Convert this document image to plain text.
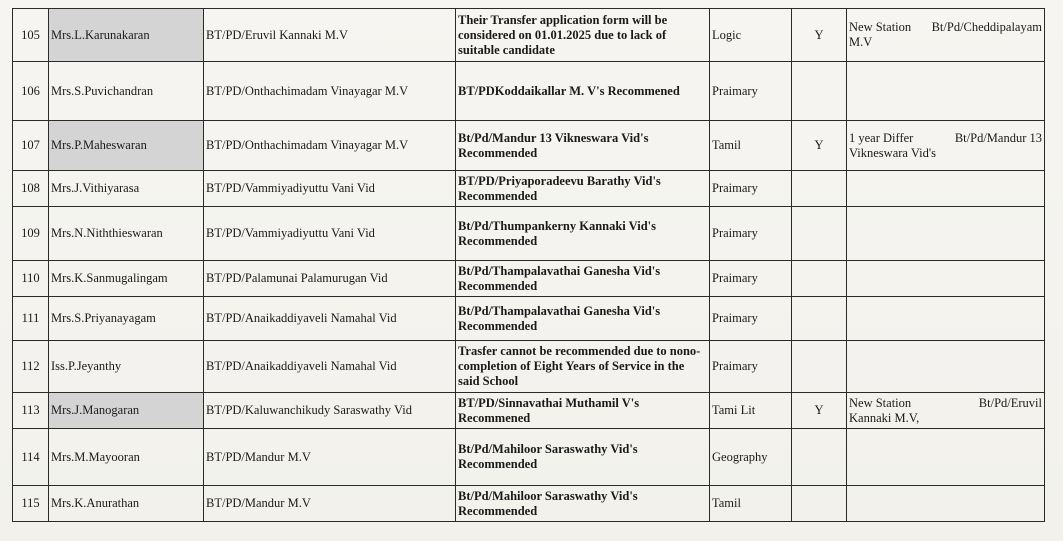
105	Mrs.L.Karunakaran	BT/PD/Eruvil Kannaki M.V	Their Transfer application form will be considered on 01.01.2025 due to lack of suitable candidate	Logic	Y	New Station Bt/Pd/Cheddipalayam
M.V

106	Mrs.S.Puvichandran	BT/PD/Onthachimadam Vinayagar M.V	BT/PDKoddaikallar M. V's Recommened	Praimary		

107	Mrs.P.Maheswaran	BT/PD/Onthachimadam Vinayagar M.V	Bt/Pd/Mandur 13 Vikneswara Vid's Recommended	Tamil	Y	1 year Differ Bt/Pd/Mandur 13
Vikneswara Vid's

108	Mrs.J.Vithiyarasa	BT/PD/Vammiyadiyuttu Vani Vid	BT/PD/Priyaporadeevu Barathy Vid's Recommended	Praimary		

109	Mrs.N.Niththieswaran	BT/PD/Vammiyadiyuttu Vani Vid	Bt/Pd/Thumpankerny Kannaki Vid's Recommended	Praimary		

110	Mrs.K.Sanmugalingam	BT/PD/Palamunai Palamurugan Vid	Bt/Pd/Thampalavathai Ganesha Vid's Recommended	Praimary		

111	Mrs.S.Priyanayagam	BT/PD/Anaikaddiyaveli Namahal Vid	Bt/Pd/Thampalavathai Ganesha Vid's Recommended	Praimary		

112	Iss.P.Jeyanthy	BT/PD/Anaikaddiyaveli Namahal Vid	Trasfer cannot be recommended due to nono-completion of Eight Years of Service in the said School	Praimary		

113	Mrs.J.Manogaran	BT/PD/Kaluwanchikudy Saraswathy Vid	BT/PD/Sinnavathai Muthamil V's Recommened	Tami Lit	Y	New Station Bt/Pd/Eruvil
Kannaki M.V,

114	Mrs.M.Mayooran	BT/PD/Mandur M.V	Bt/Pd/Mahiloor Saraswathy Vid's Recommended	Geography		

115	Mrs.K.Anurathan	BT/PD/Mandur M.V	Bt/Pd/Mahiloor Saraswathy Vid's Recommended	Tamil		
